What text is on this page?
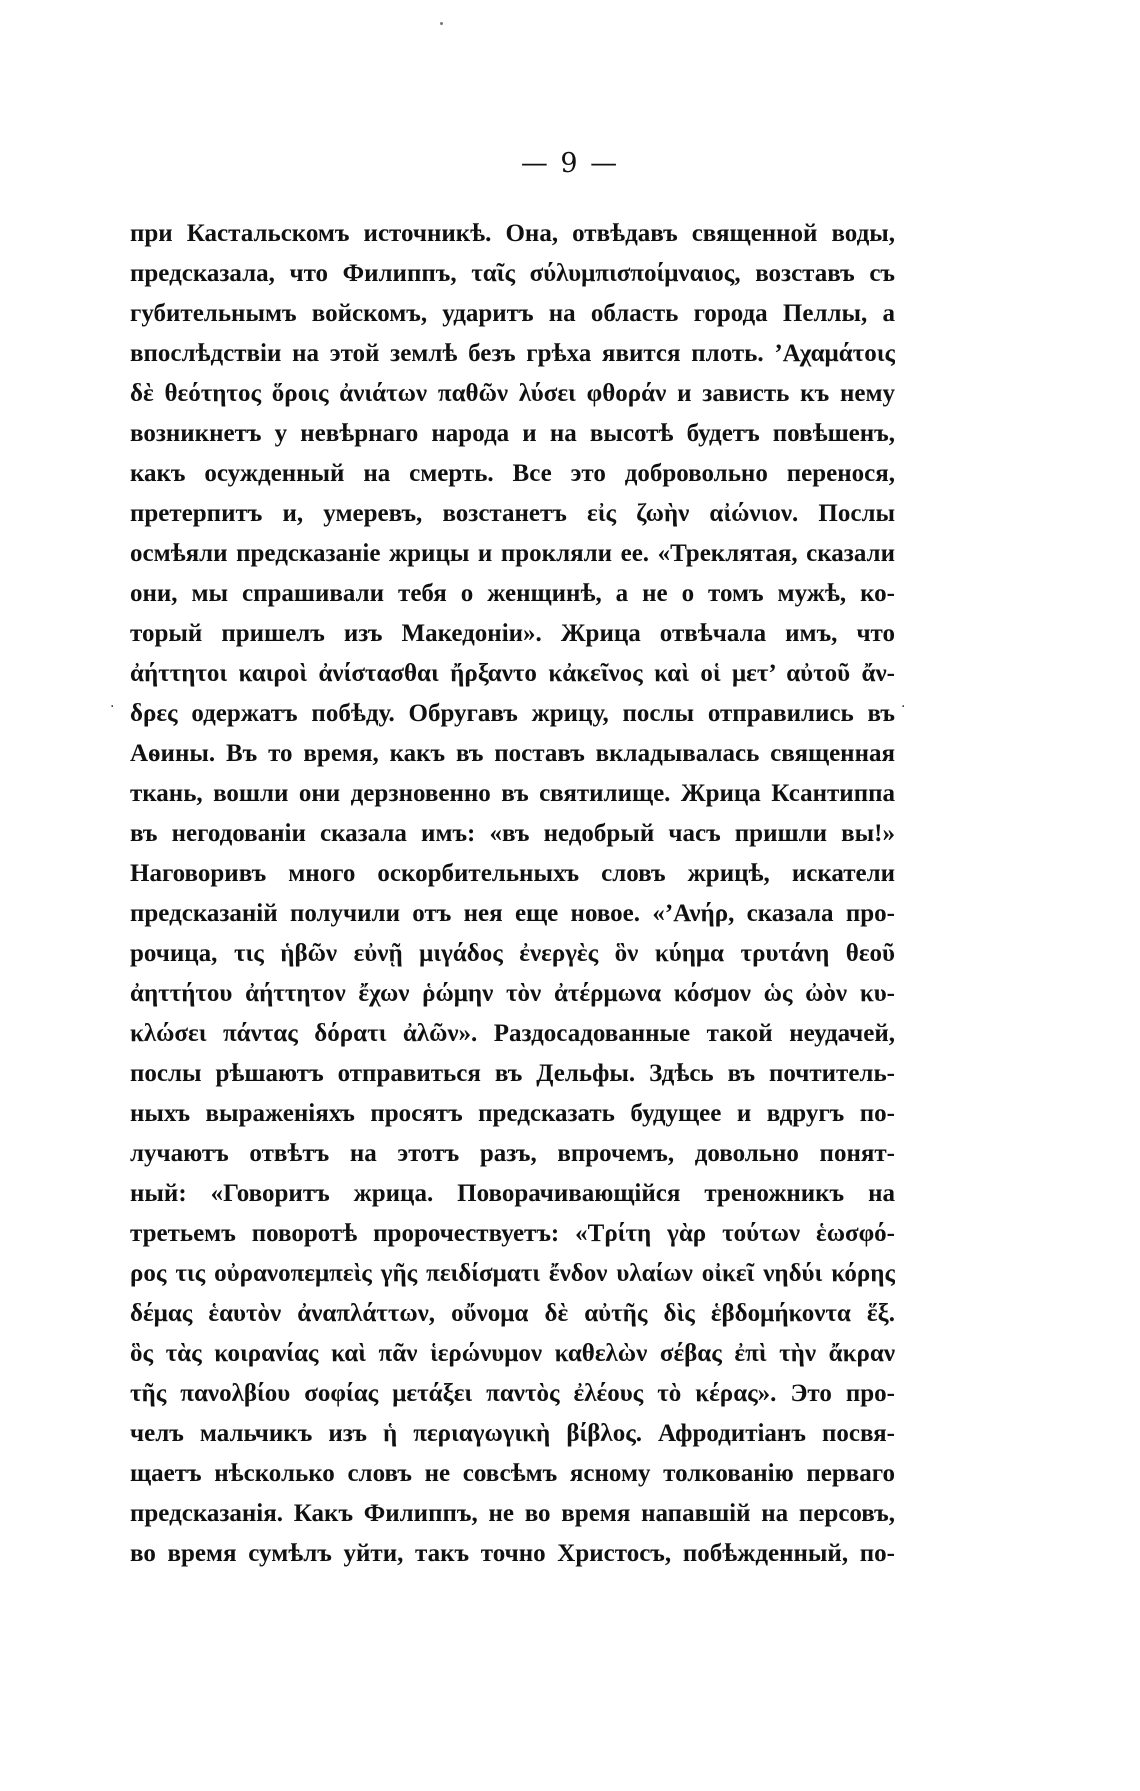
— 9 —
·	·
при Кастальскомъ источникѣ. Она, отвѣдавъ священной воды,
предсказала, что Филиппъ, ταῖς σύλυμπισποίμναιος, возставъ съ
губительнымъ войскомъ, ударитъ на область города Пеллы, а
впослѣдствіи на этой землѣ безъ грѣха явится плоть. ’Αχαμάτοις
δὲ θεότητος ὅροις ἀνιάτων παθῶν λύσει φθοράν и зависть къ нему
возникнетъ у невѣрнаго народа и на высотѣ будетъ повѣшенъ,
какъ осужденный на смерть. Все это добровольно перенося,
претерпитъ и, умеревъ, возстанетъ εἰς ζωὴν αἰώνιον. Послы
осмѣяли предсказаніе жрицы и прокляли ее. «Треклятая, сказали
они, мы спрашивали тебя о женщинѣ, а не о томъ мужѣ, ко-
торый пришелъ изъ Македоніи». Жрица отвѣчала имъ, что
ἀήττητοι καιροὶ ἀνίστασθαι ἤρξαντο κἀκεῖνος καὶ οἱ μετ’ αὐτοῦ ἄν-
δρες одержатъ побѣду. Обругавъ жрицу, послы отправились въ
Аѳины. Въ то время, какъ въ поставъ вкладывалась священная
ткань, вошли они дерзновенно въ святилище. Жрица Ксантиппа
въ негодованіи сказала имъ: «въ недобрый часъ пришли вы!»
Наговоривъ много оскорбительныхъ словъ жрицѣ, искатели
предсказаній получили отъ нея еще новое. «’Ανήρ, сказала про-
рочица, τις ἡβῶν εὐνῇ μιγάδος ἐνεργὲς ὃν κύημα τρυτάνη θεοῦ
ἀηττήτου ἀήττητον ἔχων ῥώμην τὸν ἀτέρμωνα κόσμον ὡς ὠὸν κυ-
κλώσει πάντας δόρατι ἀλῶν». Раздосадованные такой неудачей,
послы рѣшаютъ отправиться въ Дельфы. Здѣсь въ почтитель-
ныхъ выраженіяхъ просятъ предсказать будущее и вдругъ по-
лучаютъ отвѣтъ на этотъ разъ, впрочемъ, довольно понят-
ный: «Говоритъ жрица. Поворачивающійся треножникъ на
третьемъ поворотѣ пророчествуетъ: «Τρίτη γὰρ τούτων ἑωσφό-
ρος τις οὐρανοπεμπεὶς γῆς πειδίσματι ἔνδον υλαίων οἰκεῖ νηδύι κόρης
δέμας ἑαυτὸν ἀναπλάττων, οὔνομα δὲ αὐτῆς δὶς ἑβδομήκοντα ἕξ.
ὃς τὰς κοιρανίας καὶ πᾶν ἱερώνυμον καθελὼν σέβας ἐπὶ τὴν ἄκραν
τῆς πανολβίου σοφίας μετάξει παντὸς ἐλέους τὸ κέρας». Это про-
челъ мальчикъ изъ ἡ περιαγωγικὴ βίβλος. Афродитіанъ посвя-
щаетъ нѣсколько словъ не совсѣмъ ясному толкованію перваго
предсказанія. Какъ Филиппъ, не во время напавшій на персовъ,
во время сумѣлъ уйти, такъ точно Христосъ, побѣжденный, по-
